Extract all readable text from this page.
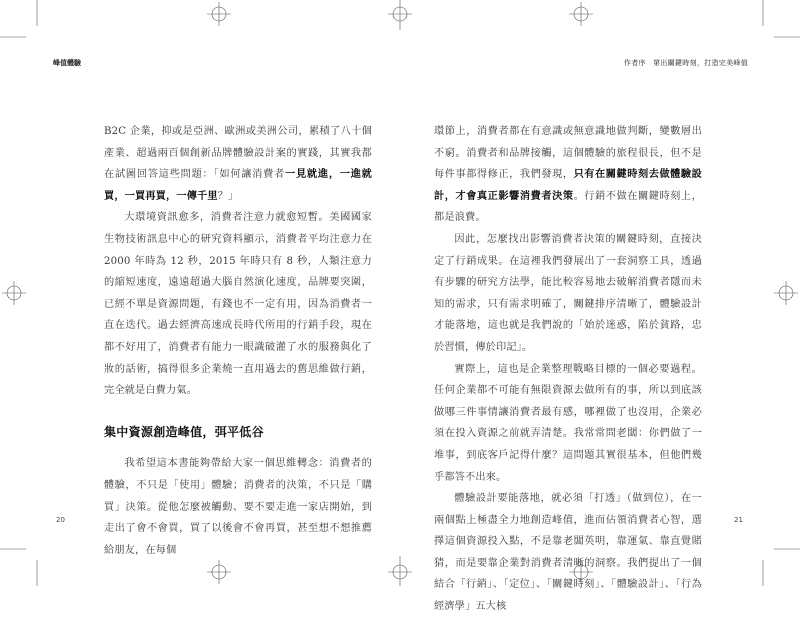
峰值體驗	作者序　第出關鍵時刻，打造完美峰值

B2C 企業，抑或是亞洲、歐洲或美洲公司，累積了八十個產業、超過兩百個創新品牌體驗設計案的實踐，其實我都在試圖回答這些問題：「如何讓消費者一見就進，一進就買，一買再買，一傳千里？」

大環境資訊愈多，消費者注意力就愈短暫。美國國家生物技術訊息中心的研究資料顯示，消費者平均注意力在 2000 年時為 12 秒，2015 年時只有 8 秒，人類注意力的縮短速度，遠遠超過大腦自然演化速度，品牌要突圍，已經不單是資源問題，有錢也不一定有用，因為消費者一直在迭代。過去經濟高速成長時代所用的行銷手段，現在都不好用了，消費者有能力一眼識破灌了水的服務與化了妝的話術，搞得很多企業燒一直用過去的舊思維做行銷，完全就是白費力氣。

集中資源創造峰值，弭平低谷

我希望這本書能夠帶給大家一個思維轉念：消費者的體驗，不只是「使用」體驗；消費者的決策，不只是「購買」決策。從他怎麼被觸動、要不要走進一家店開始，到走出了會不會買，買了以後會不會再買，甚至想不想推薦給朋友，在每個

環節上，消費者都在有意識或無意識地做判斷，變數層出不窮。消費者和品牌接觸，這個體驗的旅程很長，但不是每件事都得修正，我們發現，只有在關鍵時刻去做體驗設計，才會真正影響消費者決策。行銷不做在關鍵時刻上，都是浪費。

因此，怎麼找出影響消費者決策的關鍵時刻，直接決定了行銷成果。在這裡我們發展出了一套洞察工具，透過有步驟的研究方法學，能比較容易地去破解消費者隱而未知的需求，只有需求明確了，關鍵排序清晰了，體驗設計才能落地，這也就是我們說的「始於迷惑，陷於貧路，忠於習慣，傳於印記」。

實際上，這也是企業整理戰略目標的一個必要過程。任何企業都不可能有無限資源去做所有的事，所以到底該做哪三件事情讓消費者最有感，哪裡做了也沒用，企業必須在投入資源之前就弄清楚。我常常問老闆：你們做了一堆事，到底客戶記得什麼？這問題其實很基本，但他們幾乎都答不出來。

體驗設計要能落地，就必須「打透」（做到位），在一兩個點上極盡全力地創造峰值，進而佔領消費者心智，選擇這個資源投入點，不是靠老闆英明，靠運氣、靠直覺賭猜，而是要靠企業對消費者清晰的洞察。我們提出了一個結合「行銷」、「定位」、「關鍵時刻」、「體驗設計」、「行為經濟學」五大核

20	21
